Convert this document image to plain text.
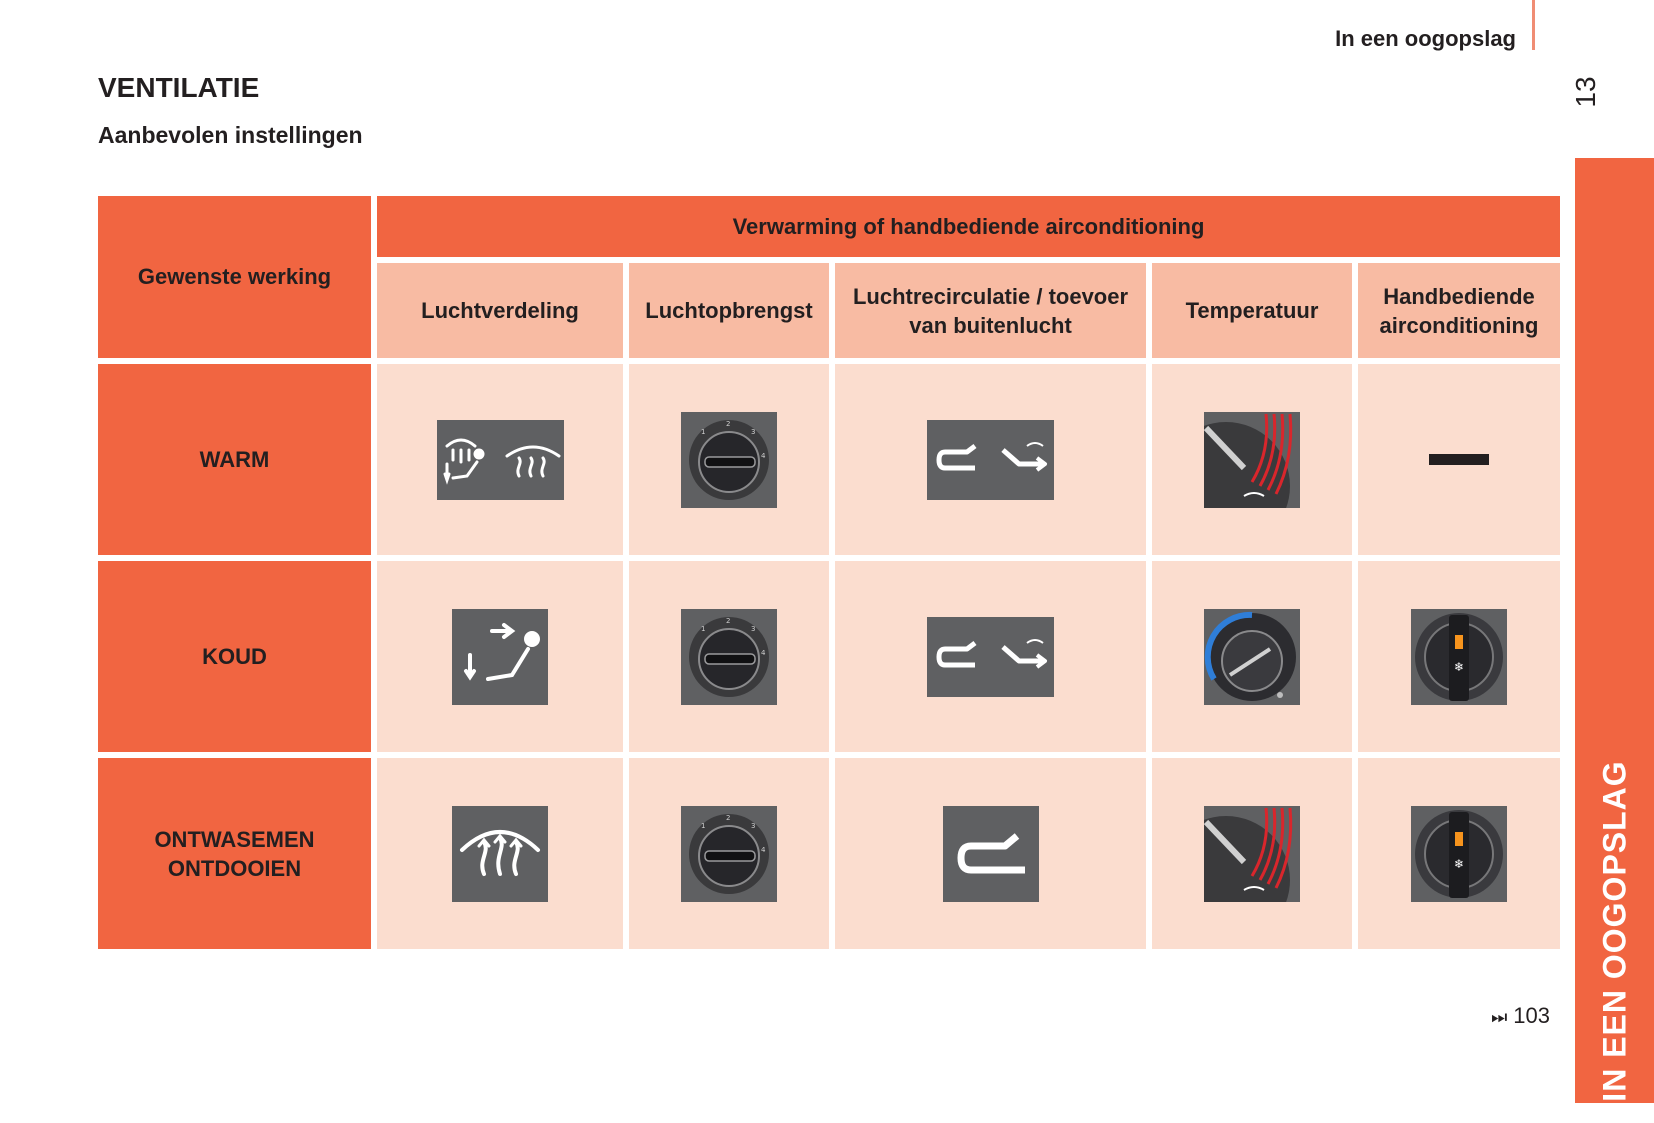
In een oogopslag
13
VENTILATIE
Aanbevolen instellingen
IN EEN OOGOPSLAG
Gewenste werking
Verwarming of handbediende airconditioning
Luchtverdeling	Luchtopbrengst
Luchtrecirculatie / toevoer van buitenlucht
Temperatuur
Handbediende airconditioning
WARM
1
2
3
4
KOUD
1
2
3
4
❄
ONTWASEMEN
ONTDOOIEN
1
2
3
4
❄
⏭ 103
